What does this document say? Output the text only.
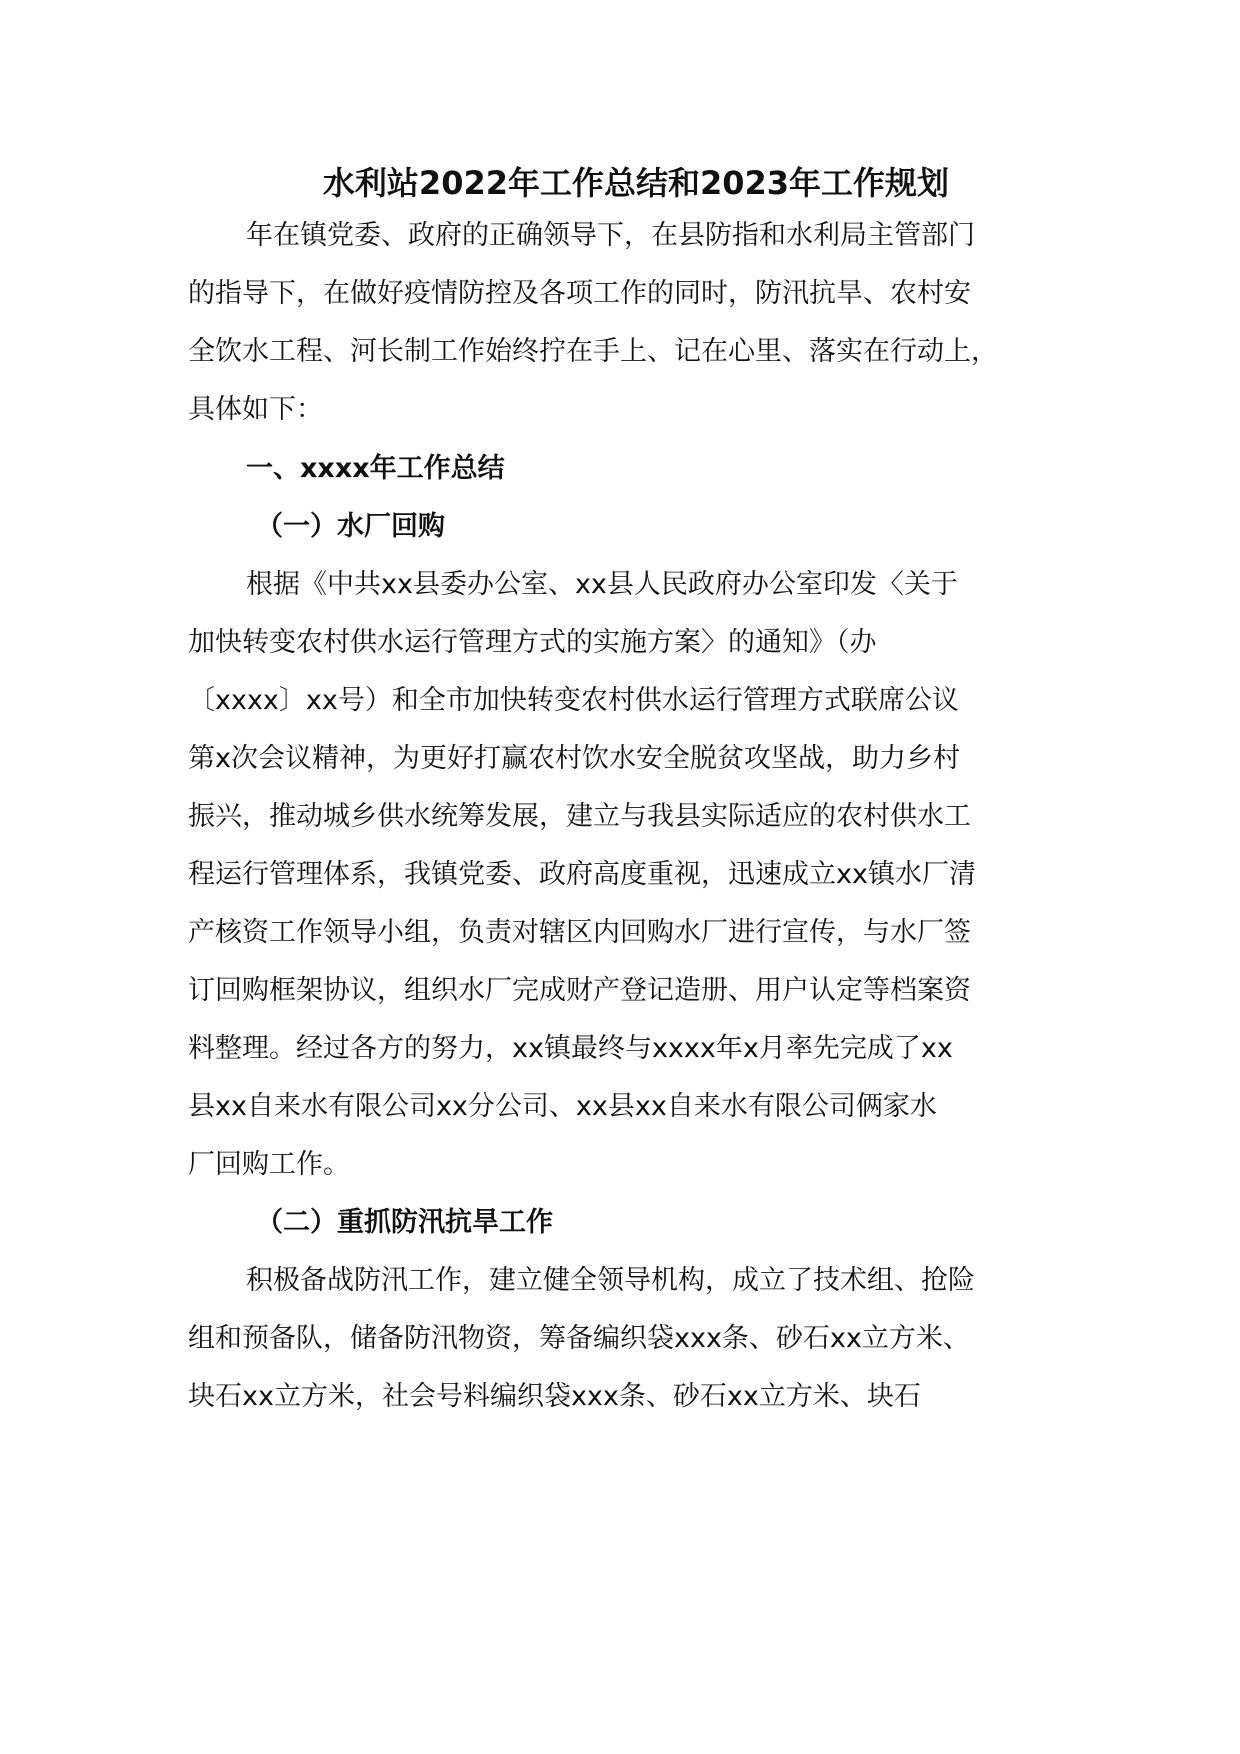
水利站2022年工作总结和2023年工作规划
年在镇党委、政府的正确领导下，在县防指和水利局主管部门
的指导下，在做好疫情防控及各项工作的同时，防汛抗旱、农村安
全饮水工程、河长制工作始终拧在手上、记在心里、落实在行动上，
具体如下：
一、xxxx年工作总结
（一）水厂回购
根据《中共xx县委办公室、xx县人民政府办公室印发〈关于
加快转变农村供水运行管理方式的实施方案〉的通知》（办
〔xxxx〕xx号）和全市加快转变农村供水运行管理方式联席公议
第x次会议精神，为更好打赢农村饮水安全脱贫攻坚战，助力乡村
振兴，推动城乡供水统筹发展，建立与我县实际适应的农村供水工
程运行管理体系，我镇党委、政府高度重视，迅速成立xx镇水厂清
产核资工作领导小组，负责对辖区内回购水厂进行宣传，与水厂签
订回购框架协议，组织水厂完成财产登记造册、用户认定等档案资
料整理。经过各方的努力，xx镇最终与xxxx年x月率先完成了xx
县xx自来水有限公司xx分公司、xx县xx自来水有限公司俩家水
厂回购工作。
（二）重抓防汛抗旱工作
积极备战防汛工作，建立健全领导机构，成立了技术组、抢险
组和预备队，储备防汛物资，筹备编织袋xxx条、砂石xx立方米、
块石xx立方米，社会号料编织袋xxx条、砂石xx立方米、块石
